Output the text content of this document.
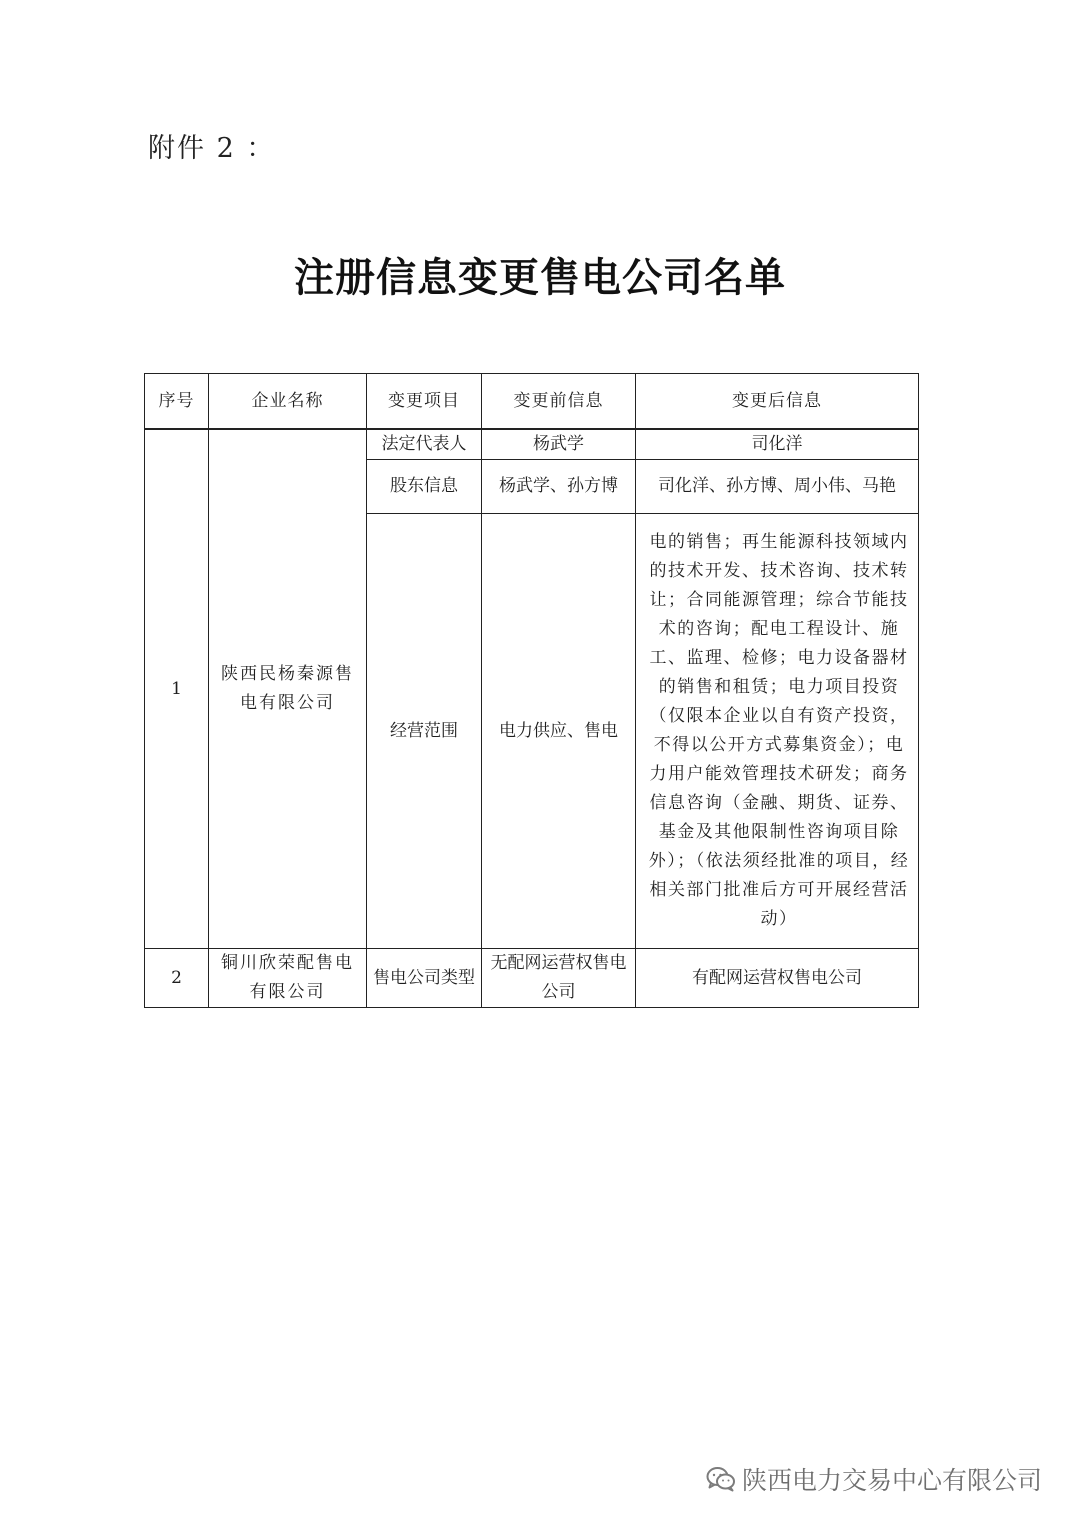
附件 2 ：
注册信息变更售电公司名单
序号	企业名称	变更项目	变更前信息	变更后信息
1	陕西民杨秦源售电有限公司	法定代表人	杨武学	司化洋
		股东信息	杨武学、孙方博	司化洋、孙方博、周小伟、马艳
		经营范围	电力供应、售电	电的销售；再生能源科技领域内的技术开发、技术咨询、技术转让；合同能源管理；综合节能技术的咨询；配电工程设计、施工、监理、检修；电力设备器材的销售和租赁；电力项目投资（仅限本企业以自有资产投资，不得以公开方式募集资金）；电力用户能效管理技术研发；商务信息咨询（金融、期货、证券、基金及其他限制性咨询项目除外）；（依法须经批准的项目，经相关部门批准后方可开展经营活动）
2	铜川欣荣配售电有限公司	售电公司类型	无配网运营权售电公司	有配网运营权售电公司
陕西电力交易中心有限公司
